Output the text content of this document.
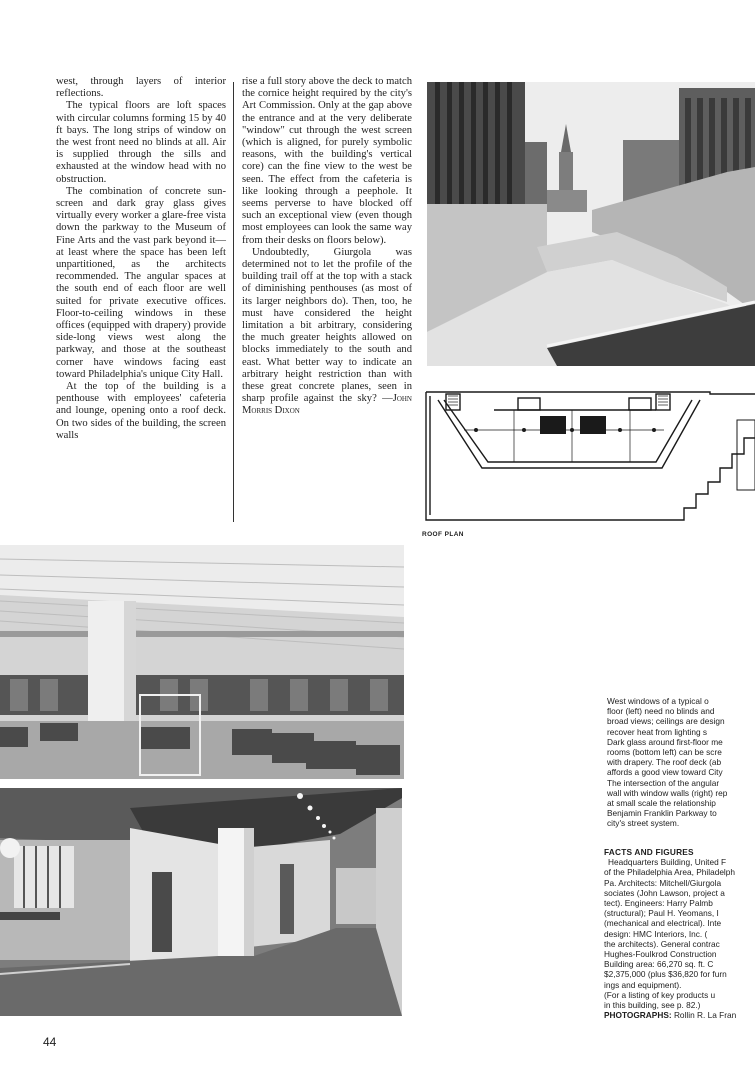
west, through layers of interior reflections.

The typical floors are loft spaces with circular columns forming 15 by 40 ft bays. The long strips of window on the west front need no blinds at all. Air is supplied through the sills and exhausted at the window head with no obstruction.

The combination of concrete sun-screen and dark gray glass gives virtually every worker a glare-free vista down the parkway to the Museum of Fine Arts and the vast park beyond it—at least where the space has been left unpartitioned, as the architects recommended. The angular spaces at the south end of each floor are well suited for private executive offices. Floor-to-ceiling windows in these offices (equipped with drapery) provide side-long views west along the parkway, and those at the southeast corner have windows facing east toward Philadelphia's unique City Hall.

At the top of the building is a penthouse with employees' cafeteria and lounge, opening onto a roof deck. On two sides of the building, the screen walls

rise a full story above the deck to match the cornice height required by the city's Art Commission. Only at the gap above the entrance and at the very deliberate "window" cut through the west screen (which is aligned, for purely symbolic reasons, with the building's vertical core) can the fine view to the west be seen. The effect from the cafeteria is like looking through a peephole. It seems perverse to have blocked off such an exceptional view (even though most employees can look the same way from their desks on floors below).

Undoubtedly, Giurgola was determined not to let the profile of the building trail off at the top with a stack of diminishing penthouses (as most of its larger neighbors do). Then, too, he must have considered the height limitation a bit arbitrary, considering the much greater heights allowed on blocks immediately to the south and east. What better way to indicate an arbitrary height restriction than with these great concrete planes, seen in sharp profile against the sky? —John Morris Dixon

ROOF PLAN
West windows of a typical o
floor (left) need no blinds and
broad views; ceilings are design
recover heat from lighting s
Dark glass around first-floor me
rooms (bottom left) can be scre
with drapery. The roof deck (ab
affords a good view toward City
The intersection of the angular
wall with window walls (right) rep
at small scale the relationship
Benjamin Franklin Parkway to
city's street system.
FACTS AND FIGURES
Headquarters Building, United F
of the Philadelphia Area, Philadelph
Pa. Architects: Mitchell/Giurgola
sociates (John Lawson, project a
tect). Engineers: Harry Palmb
(structural); Paul H. Yeomans, I
(mechanical and electrical). Inte
design: HMC Interiors, Inc. (
the architects). General contrac
Hughes-Foulkrod Construction
Building area: 66,270 sq. ft. C
$2,375,000 (plus $36,820 for furn
ings and equipment).
(For a listing of key products u
in this building, see p. 82.)
PHOTOGRAPHS: Rollin R. La Fran
44
